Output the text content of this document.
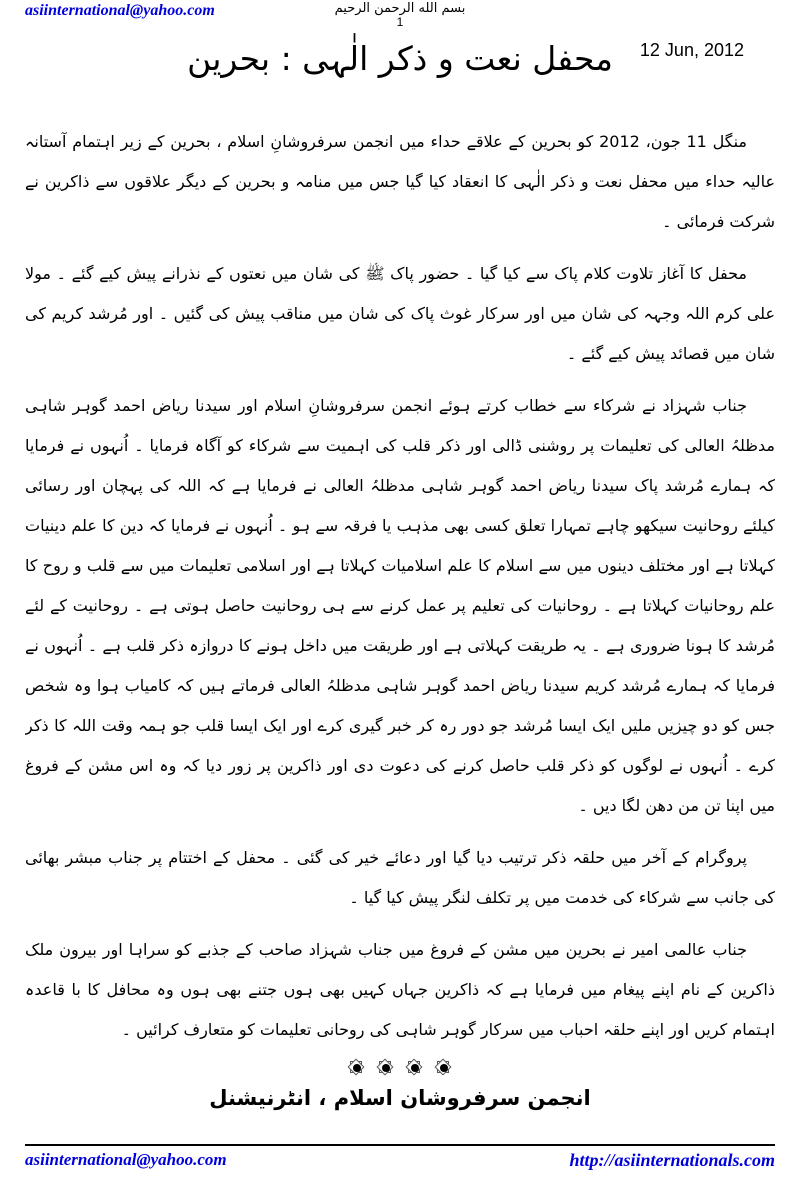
asiinternational@yahoo.com	بسم الله الرحمن الرحيم
1
12 Jun, 2012
محفل نعت و ذکر الٰہی : بحرین

منگل 11 جون، 2012 کو بحرین کے علاقے حداء میں انجمن سرفروشانِ اسلام ، بحرین کے زیر اہتمام آستانہ عالیہ حداء میں محفل نعت و ذکر الٰہی کا انعقاد کیا گیا جس میں منامہ و بحرین کے دیگر علاقوں سے ذاکرین نے شرکت فرمائی ۔

محفل کا آغاز تلاوت کلام پاک سے کیا گیا ۔ حضور پاک ﷺ کی شان میں نعتوں کے نذرانے پیش کیے گئے ۔ مولا علی کرم اللہ وجہہ کی شان میں اور سرکار غوث پاک کی شان میں مناقب پیش کی گئیں ۔ اور مُرشد کریم کی شان میں قصائد پیش کیے گئے ۔

جناب شہزاد نے شرکاء سے خطاب کرتے ہوئے انجمن سرفروشانِ اسلام اور سیدنا ریاض احمد گوہر شاہی مدظلہُ العالی کی تعلیمات پر روشنی ڈالی اور ذکر قلب کی اہمیت سے شرکاء کو آگاہ فرمایا ۔ اُنہوں نے فرمایا کہ ہمارے مُرشد پاک سیدنا ریاض احمد گوہر شاہی مدظلہُ العالی نے فرمایا ہے کہ اللہ کی پہچان اور رسائی کیلئے روحانیت سیکھو چاہے تمہارا تعلق کسی بھی مذہب یا فرقہ سے ہو ۔ اُنہوں نے فرمایا کہ دین کا علم دینیات کہلاتا ہے اور مختلف دینوں میں سے اسلام کا علم اسلامیات کہلاتا ہے اور اسلامی تعلیمات میں سے قلب و روح کا علم روحانیات کہلاتا ہے ۔ روحانیات کی تعلیم پر عمل کرنے سے ہی روحانیت حاصل ہوتی ہے ۔ روحانیت کے لئے مُرشد کا ہونا ضروری ہے ۔ یہ طریقت کہلاتی ہے اور طریقت میں داخل ہونے کا دروازہ ذکر قلب ہے ۔ اُنہوں نے فرمایا کہ ہمارے مُرشد کریم سیدنا ریاض احمد گوہر شاہی مدظلہُ العالی فرماتے ہیں کہ کامیاب ہوا وہ شخص جس کو دو چیزیں ملیں ایک ایسا مُرشد جو دور رہ کر خبر گیری کرے اور ایک ایسا قلب جو ہمہ وقت اللہ کا ذکر کرے ۔ اُنہوں نے لوگوں کو ذکر قلب حاصل کرنے کی دعوت دی اور ذاکرین پر زور دیا کہ وہ اس مشن کے فروغ میں اپنا تن من دھن لگا دیں ۔

پروگرام کے آخر میں حلقہ ذکر ترتیب دیا گیا اور دعائے خیر کی گئی ۔ محفل کے اختتام پر جناب مبشر بھائی کی جانب سے شرکاء کی خدمت میں پر تکلف لنگر پیش کیا گیا ۔

جناب عالمی امیر نے بحرین میں مشن کے فروغ میں جناب شہزاد صاحب کے جذبے کو سراہا اور بیرون ملک ذاکرین کے نام اپنے پیغام میں فرمایا ہے کہ ذاکرین جہاں کہیں بھی ہوں جتنے بھی ہوں وہ محافل کا با قاعدہ اہتمام کریں اور اپنے حلقہ احباب میں سرکار گوہر شاہی کی روحانی تعلیمات کو متعارف کرائیں ۔

انجمن سرفروشان اسلام ، انٹرنیشنل
asiinternational@yahoo.com	http://asiinternationals.com
